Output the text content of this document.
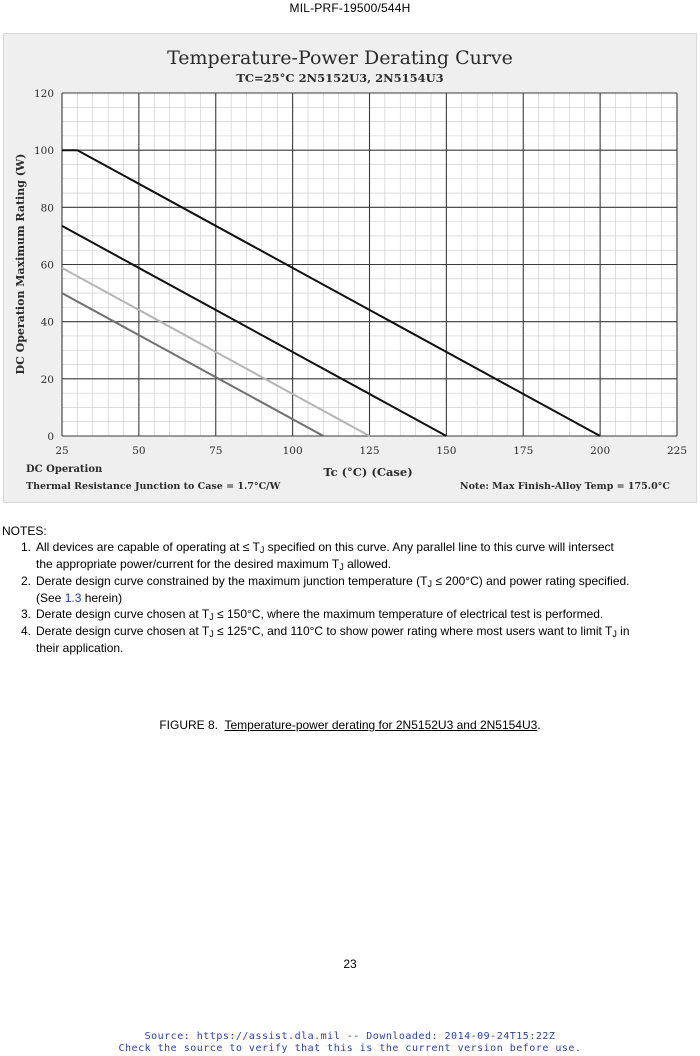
MIL-PRF-19500/544H
25	50	75	100	125	150	175	200	225
0
20
40
60
80
100
120
Temperature-Power Derating Curve
TC=25°C 2N5152U3, 2N5154U3
DC Operation Maximum Rating (W)
Tc (°C) (Case)
DC Operation
Thermal Resistance Junction to Case = 1.7°C/W	Note: Max Finish-Alloy Temp = 175.0°C
NOTES:
1. All devices are capable of operating at ≤ TJ specified on this curve. Any parallel line to this curve will intersect
the appropriate power/current for the desired maximum TJ allowed.
2. Derate design curve constrained by the maximum junction temperature (TJ ≤ 200°C) and power rating specified.
(See 1.3 herein)
3. Derate design curve chosen at TJ ≤ 150°C, where the maximum temperature of electrical test is performed.
4. Derate design curve chosen at TJ ≤ 125°C, and 110°C to show power rating where most users want to limit TJ in
their application.
FIGURE 8. Temperature-power derating for 2N5152U3 and 2N5154U3.
23
Source: https://assist.dla.mil -- Downloaded: 2014-09-24T15:22Z
Check the source to verify that this is the current version before use.
